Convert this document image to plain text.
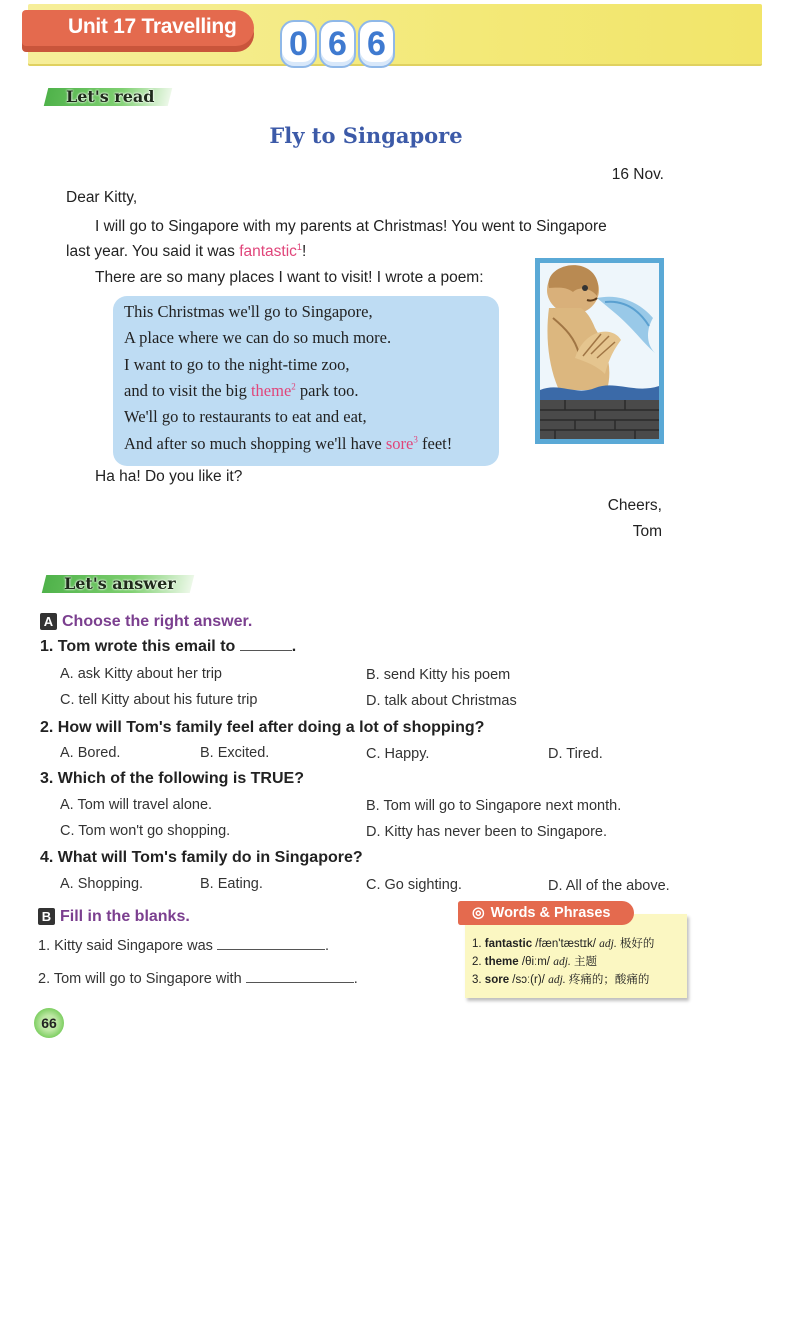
Unit 17 Travelling 0 6 6
Let's read
Fly to Singapore
16 Nov.
Dear Kitty,
I will go to Singapore with my parents at Christmas! You went to Singapore
last year. You said it was fantastic$^1$!
There are so many places I want to visit! I wrote a poem:
This Christmas we'll go to Singapore,
A place where we can do so much more.
I want to go to the night-time zoo,
and to visit the big theme$^2$ park too.
We'll go to restaurants to eat and eat,
And after so much shopping we'll have sore$^3$ feet!
Ha ha! Do you like it?
Cheers,
Tom
Let's answer
A Choose the right answer.
1. Tom wrote this email to	.
A. ask Kitty about her trip	B. send Kitty his poem
C. tell Kitty about his future trip	D. talk about Christmas
2. How will Tom's family feel after doing a lot of shopping?
A. Bored.	B. Excited.	C. Happy.	D. Tired.
3. Which of the following is TRUE?
A. Tom will travel alone.	B. Tom will go to Singapore next month.
C. Tom won't go shopping.	D. Kitty has never been to Singapore.
4. What will Tom's family do in Singapore?
A. Shopping.	B. Eating.	C. Go sighting.	D. All of the above.
B Fill in the blanks.
1. Kitty said Singapore was	.
2. Tom will go to Singapore with	.
◎ Words & Phrases
1. fantastic /fæn'tæstɪk/ adj. 极好的
2. theme /θiːm/ adj. 主题
3. sore /sɔː(r)/ adj. 疼痛的；酸痛的
66
